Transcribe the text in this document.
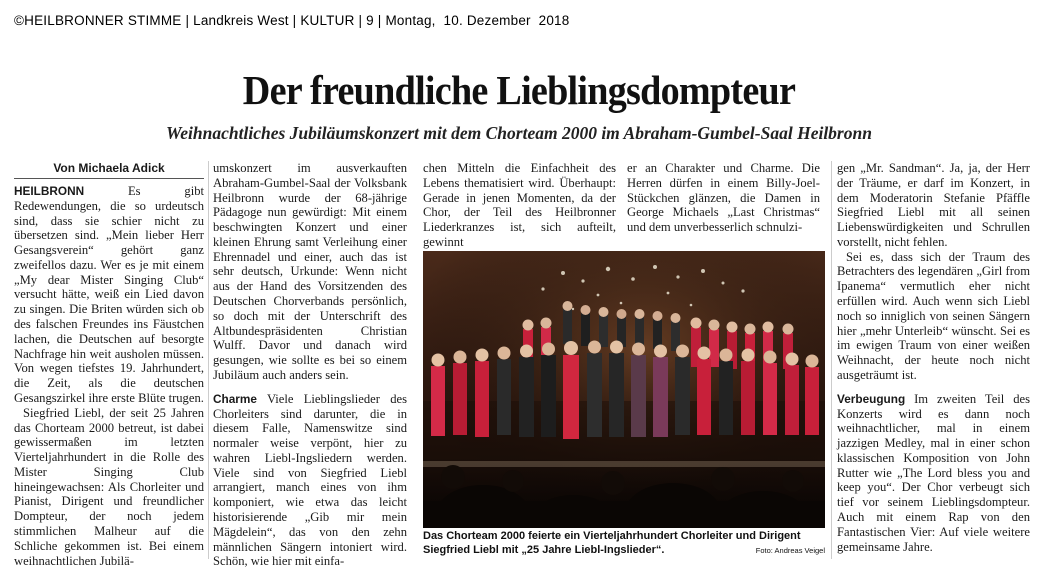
©HEILBRONNER STIMME | Landkreis West | KULTUR | 9 | Montag,  10. Dezember  2018
Der freundliche Lieblingsdompteur
Weihnachtliches Jubiläumskonzert mit dem Chorteam 2000 im Abraham-Gumbel-Saal Heilbronn
Von Michaela Adick

HEILBRONN	Es gibt Redewendungen, die so urdeutsch sind, dass sie schier nicht zu übersetzen sind. „Mein lieber Herr Gesangsverein“ gehört ganz zweifellos dazu. Wer es je mit einem „My dear Mister Singing Club“ versucht hätte, weiß ein Lied davon zu singen. Die Briten würden sich ob des falschen Freundes ins Fäustchen lachen, die Deutschen auf besorgte Nachfrage hin weit ausholen müssen. Von wegen tiefstes 19. Jahrhundert, die Zeit, als die deutschen Gesangszirkel ihre erste Blüte trugen.

Siegfried Liebl, der seit 25 Jahren das Chorteam 2000 betreut, ist dabei gewissermaßen im letzten Vierteljahrhundert in die Rolle des Mister Singing Club hineingewachsen: Als Chorleiter und Pianist, Dirigent und freundlicher Dompteur, der noch jedem stimmlichen Malheur auf die Schliche gekommen ist. Bei einem weihnachtlichen Jubilä-

umskonzert im ausverkauften Abraham-Gumbel-Saal der Volksbank Heilbronn wurde der 68-jährige Pädagoge nun gewürdigt: Mit einem beschwingten Konzert und einer kleinen Ehrung samt Verleihung einer Ehrennadel und einer, auch das ist sehr deutsch, Urkunde: Wenn nicht aus der Hand des Vorsitzenden des Deutschen Chorverbands persönlich, so doch mit der Unterschrift des Altbundespräsidenten Christian Wulff. Davor und danach wird gesungen, wie sollte es bei so einem Jubiläum auch anders sein.

Charme Viele Lieblingslieder des Chorleiters sind darunter, die in diesem Falle, Namenswitze sind normaler weise verpönt, hier zu wahren Liebl-Ingsliedern werden. Viele sind von Siegfried Liebl arrangiert, manch eines von ihm komponiert, wie etwa das leicht historisierende „Gib mir mein Mägdelein“, das von den zehn männlichen Sängern intoniert wird. Schön, wie hier mit einfa-

chen Mitteln die Einfachheit des Lebens thematisiert wird. Überhaupt: Gerade in jenen Momenten, da der Chor, der Teil des Heilbronner Liederkranzes ist, sich aufteilt, gewinnt

er an Charakter und Charme. Die Herren dürfen in einem Billy-Joel-Stückchen glänzen, die Damen in George Michaels „Last Christmas“ und dem unverbesserlich schnulzi-

gen „Mr. Sandman“. Ja, ja, der Herr der Träume, er darf im Konzert, in dem Moderatorin Stefanie Pfäffle Siegfried Liebl mit all seinen Liebenswürdigkeiten und Schrullen vorstellt, nicht fehlen.

Sei es, dass sich der Traum des Betrachters des legendären „Girl from Ipanema“ vermutlich eher nicht erfüllen wird. Auch wenn sich Liebl noch so inniglich von seinen Sängern hier „mehr Unterleib“ wünscht. Sei es im ewigen Traum von einer weißen Weihnacht, der heute noch nicht ausgeträumt ist.

Verbeugung Im zweiten Teil des Konzerts wird es dann noch weihnachtlicher, mal in einem jazzigen Medley, mal in einer schon klassischen Komposition von John Rutter wie „The Lord bless you and keep you“. Der Chor verbeugt sich tief vor seinem Lieblingsdompteur. Auch mit einem Rap von den Fantastischen Vier: Auf viele weitere gemeinsame Jahre.

Das Chorteam 2000 feierte ein Vierteljahrhundert Chorleiter und Dirigent Siegfried Liebl mit „25 Jahre Liebl-Ingslieder“.	Foto: Andreas Veigel
